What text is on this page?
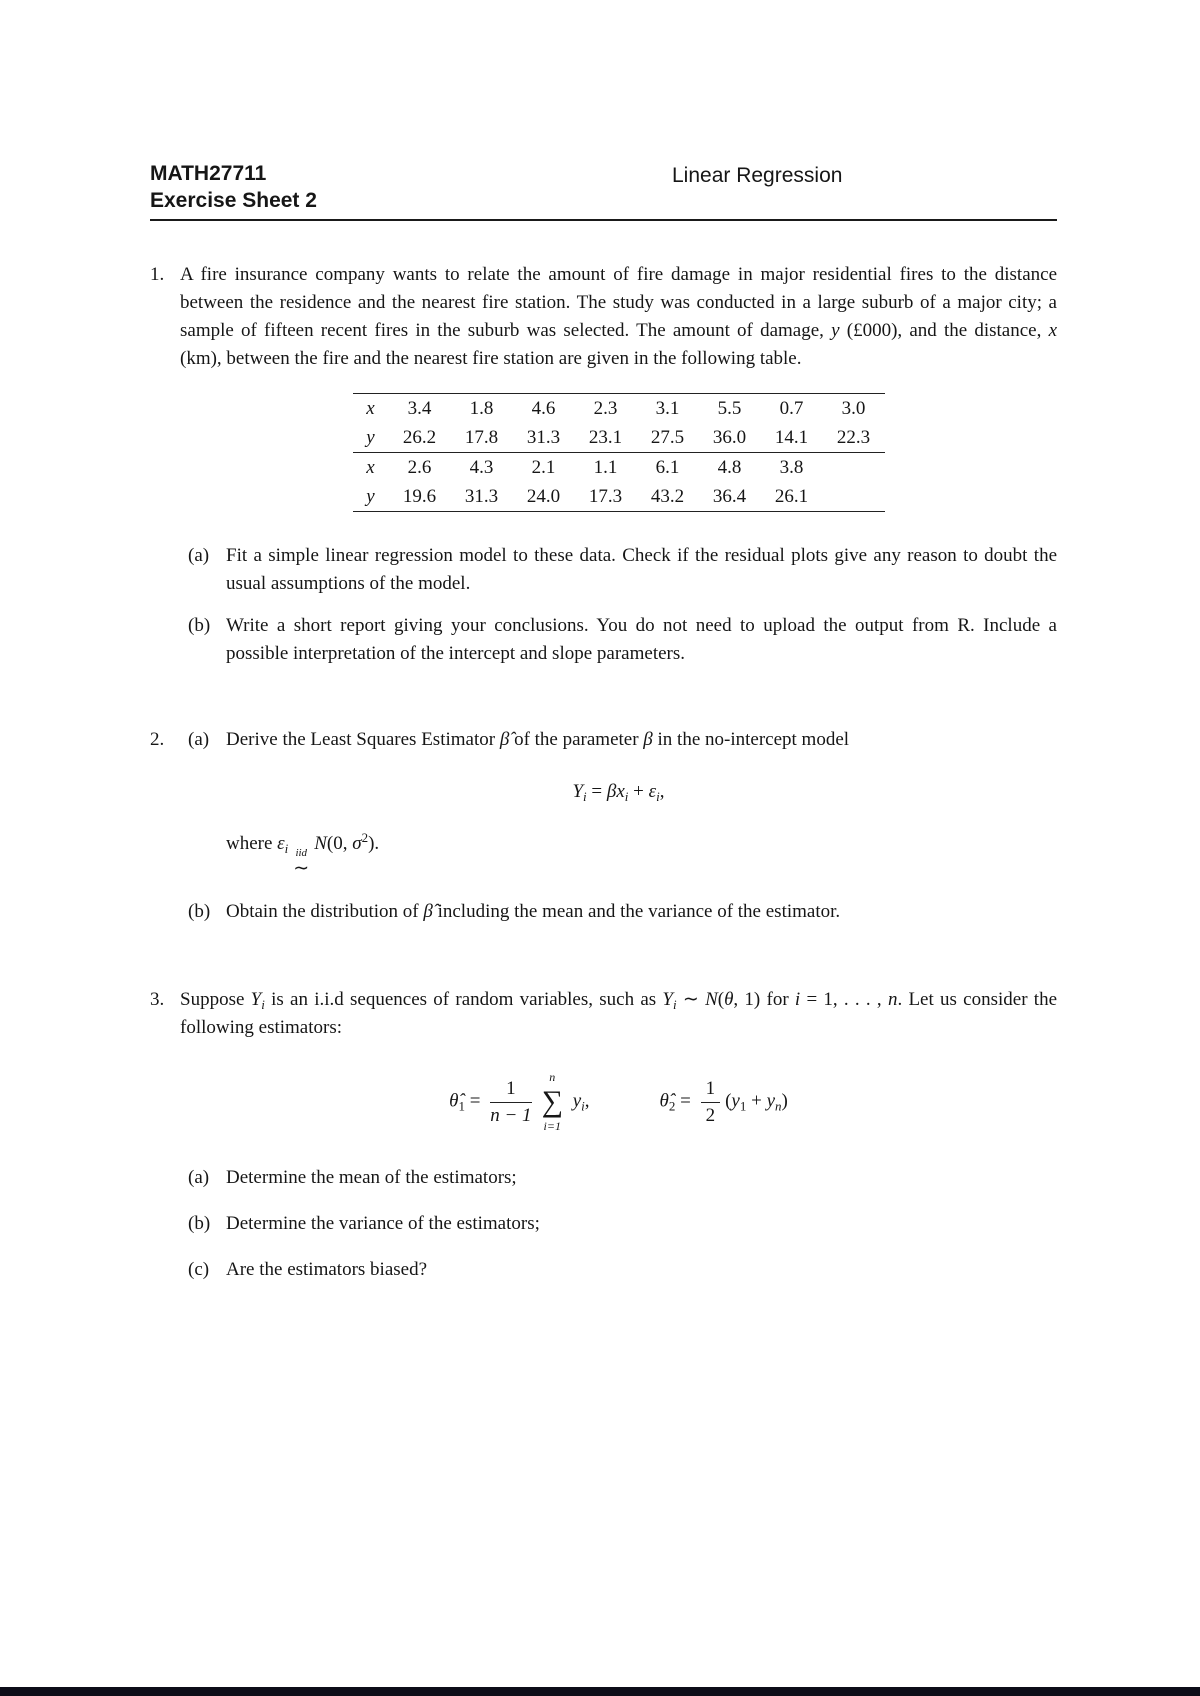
MATH27711
Exercise Sheet 2
Linear Regression
1. A fire insurance company wants to relate the amount of fire damage in major residential fires to the distance between the residence and the nearest fire station. The study was conducted in a large suburb of a major city; a sample of fifteen recent fires in the suburb was selected. The amount of damage, y (£000), and the distance, x (km), between the fire and the nearest fire station are given in the following table.

x	3.4	1.8	4.6	2.3	3.1	5.5	0.7	3.0
y	26.2	17.8	31.3	23.1	27.5	36.0	14.1	22.3
x	2.6	4.3	2.1	1.1	6.1	4.8	3.8	
y	19.6	31.3	24.0	17.3	43.2	36.4	26.1	
(a) Fit a simple linear regression model to these data. Check if the residual plots give any reason to doubt the usual assumptions of the model.
(b) Write a short report giving your conclusions. You do not need to upload the output from R. Include a possible interpretation of the intercept and slope parameters.
2.	(a) Derive the Least Squares Estimator β̂ of the parameter β in the no-intercept model
$Y_i = \beta x_i + \varepsilon_i$,
where $\varepsilon_i$ iid
∼
N(0, $\sigma^2$).
(b) Obtain the distribution of β̂ including the mean and the variance of the estimator.
3. Suppose $Y_i$ is an i.i.d sequences of random variables, such as $Y_i$ ∼ N(θ, 1) for i = 1, . . . , n. Let us consider the following estimators:

$\thetâ_1 = \frac{1}{n - 1}$
n
∑
i=1
$y_i$,	$\thetâ_2 = \frac{1}{2} (y_1 + y_n)$
(a) Determine the mean of the estimators;
(b) Determine the variance of the estimators;
(c) Are the estimators biased?
